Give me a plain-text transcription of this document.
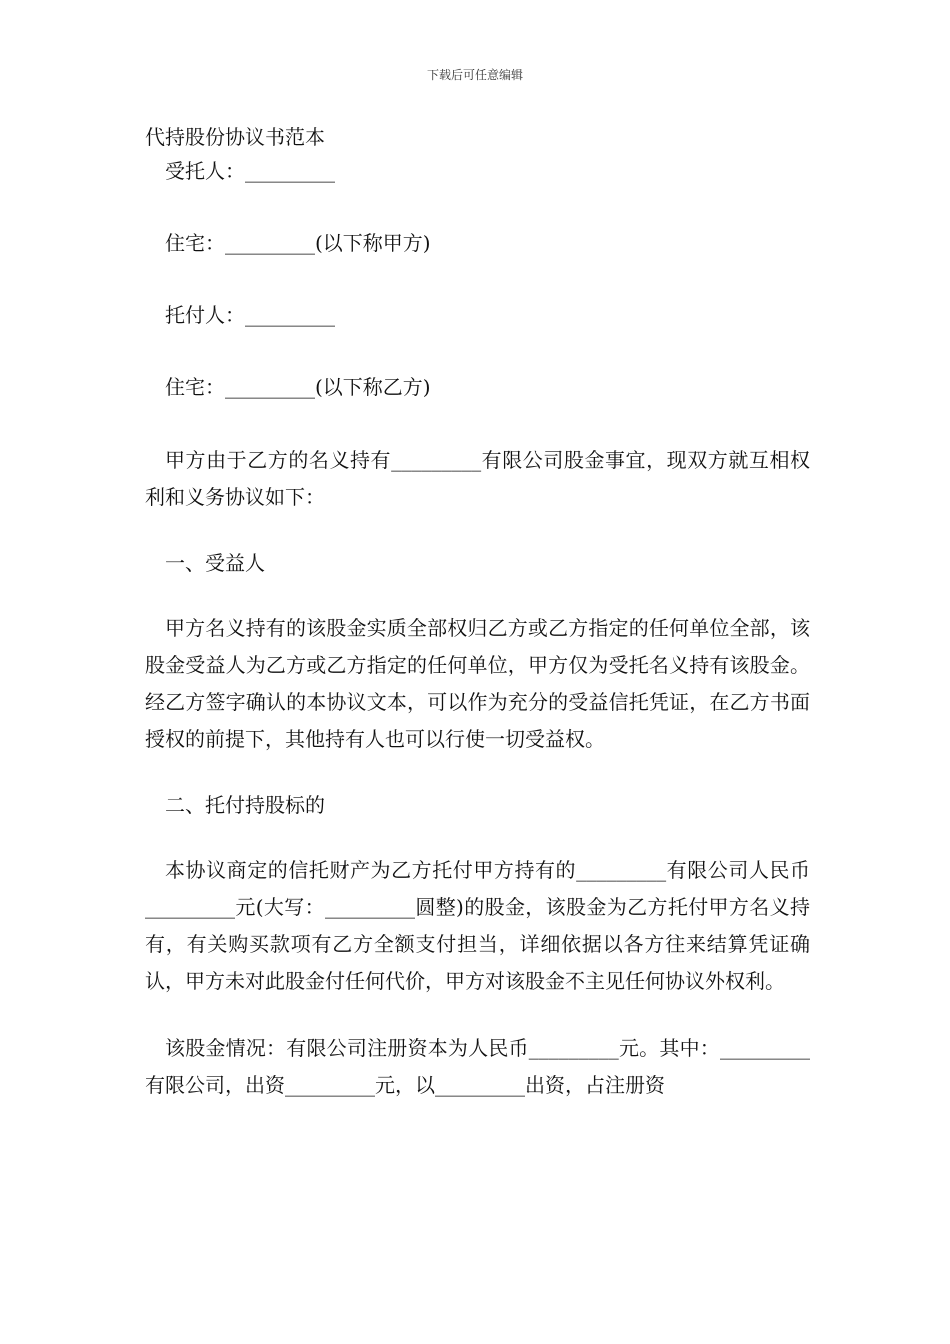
下载后可任意编辑

代持股份协议书范本

受托人：_________

住宅：_________(以下称甲方)

托付人：_________

住宅：_________(以下称乙方)

甲方由于乙方的名义持有_________有限公司股金事宜，现双方就互相权利和义务协议如下：

一、受益人

甲方名义持有的该股金实质全部权归乙方或乙方指定的任何单位全部，该股金受益人为乙方或乙方指定的任何单位，甲方仅为受托名义持有该股金。经乙方签字确认的本协议文本，可以作为充分的受益信托凭证，在乙方书面授权的前提下，其他持有人也可以行使一切受益权。

二、托付持股标的

本协议商定的信托财产为乙方托付甲方持有的_________有限公司人民币_________元(大写：_________圆整)的股金，该股金为乙方托付甲方名义持有，有关购买款项有乙方全额支付担当，详细依据以各方往来结算凭证确认，甲方未对此股金付任何代价，甲方对该股金不主见任何协议外权利。

该股金情况：有限公司注册资本为人民币_________元。其中：_________有限公司，出资_________元，以_________出资，占注册资
